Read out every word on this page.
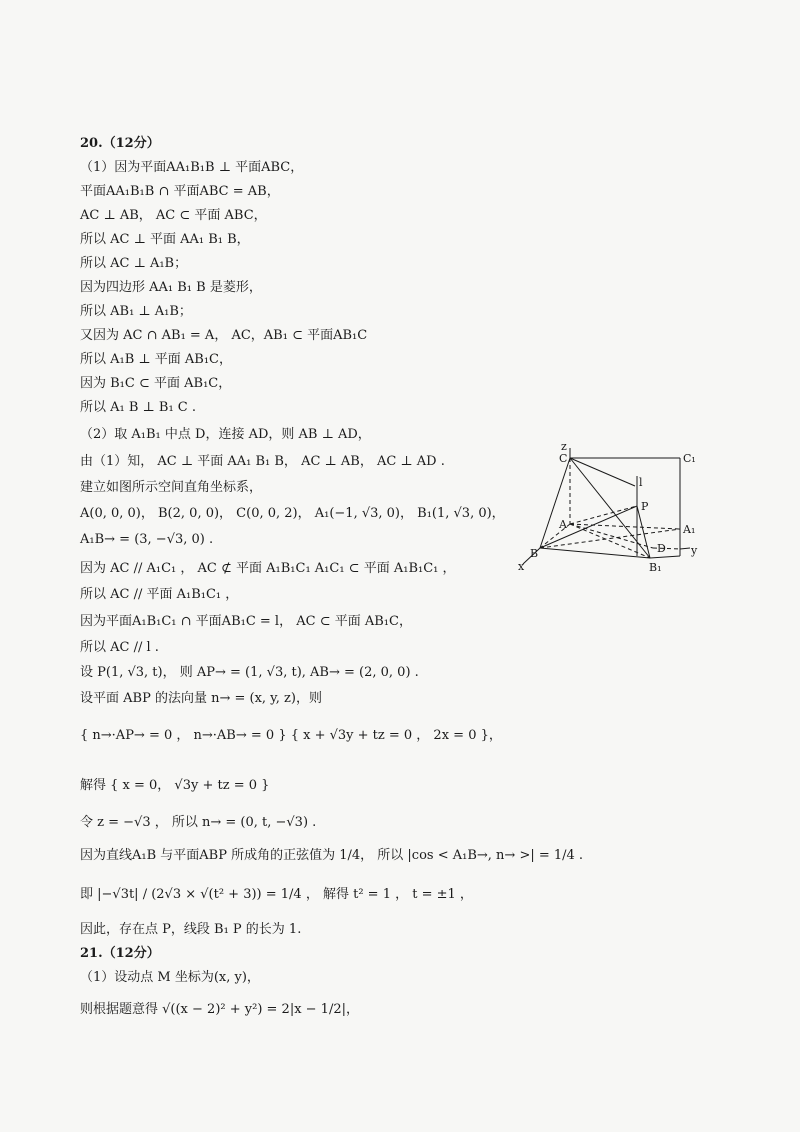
20.（12分）
（1）因为平面AA₁B₁B ⊥ 平面ABC，
平面AA₁B₁B ∩ 平面ABC = AB，
AC ⊥ AB， AC ⊂ 平面 ABC，
所以 AC ⊥ 平面 AA₁ B₁ B，
所以 AC ⊥ A₁B；
因为四边形 AA₁ B₁ B 是菱形，
所以 AB₁ ⊥ A₁B；
又因为 AC ∩ AB₁ = A， AC，AB₁ ⊂ 平面AB₁C
所以 A₁B ⊥ 平面 AB₁C，
因为 B₁C ⊂ 平面 AB₁C，
所以 A₁ B ⊥ B₁ C .
（2）取 A₁B₁ 中点 D，连接 AD，则 AB ⊥ AD，
由（1）知， AC ⊥ 平面 AA₁ B₁ B， AC ⊥ AB， AC ⊥ AD .
建立如图所示空间直角坐标系，
A(0, 0, 0)， B(2, 0, 0)， C(0, 0, 2)， A₁(−1, √3, 0)， B₁(1, √3, 0)，
A₁B→ = (3, −√3, 0) .
因为 AC // A₁C₁ ， AC ⊄ 平面 A₁B₁C₁ A₁C₁ ⊂ 平面 A₁B₁C₁ ，
所以 AC // 平面 A₁B₁C₁ ，
因为平面A₁B₁C₁ ∩ 平面AB₁C = l， AC ⊂ 平面 AB₁C，
所以 AC // l .
设 P(1, √3, t)， 则 AP→ = (1, √3, t), AB→ = (2, 0, 0) .
设平面 ABP 的法向量 n→ = (x, y, z)，则
{ n→·AP→ = 0 ， n→·AB→ = 0 } { x + √3y + tz = 0 ， 2x = 0 }，
解得 { x = 0， √3y + tz = 0 }
令 z = −√3 ， 所以 n→ = (0, t, −√3) .
因为直线A₁B 与平面ABP 所成角的正弦值为 1/4， 所以 |cos < A₁B→, n→ >| = 1/4 .
即 |−√3t| / (2√3 × √(t² + 3)) = 1/4 ， 解得 t² = 1 ， t = ±1 ，
因此，存在点 P，线段 B₁ P 的长为 1.
21.（12分）
（1）设动点 M 坐标为(x, y)，
则根据题意得 √((x − 2)² + y²) = 2|x − 1/2|，
z
C	C₁
l
P
A	A₁
B	D y
x	B₁
